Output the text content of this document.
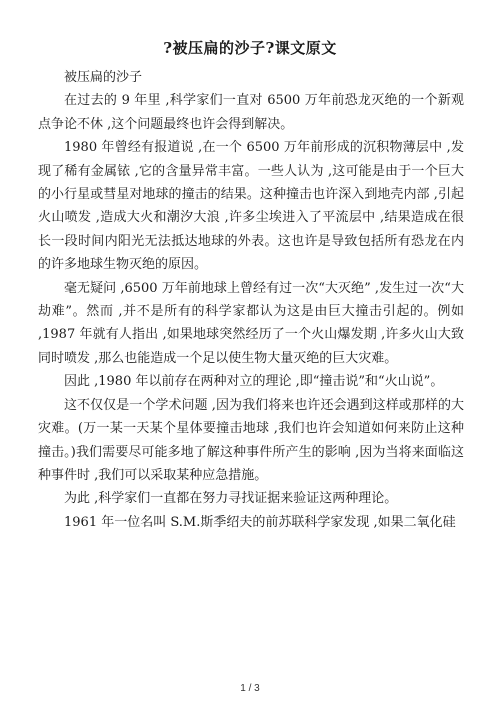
?被压扁的沙子?课文原文

被压扁的沙子

在过去的 9 年里 ,科学家们一直对 6500 万年前恐龙灭绝的一个新观点争论不休 ,这个问题最终也许会得到解决。

1980 年曾经有报道说 ,在一个 6500 万年前形成的沉积物薄层中 ,发现了稀有金属铱 ,它的含量异常丰富。一些人认为 ,这可能是由于一个巨大的小行星或彗星对地球的撞击的结果。这种撞击也许深入到地壳内部 ,引起火山喷发 ,造成大火和潮汐大浪 ,许多尘埃进入了平流层中 ,结果造成在很长一段时间内阳光无法抵达地球的外表。这也许是导致包括所有恐龙在内的许多地球生物灭绝的原因。

毫无疑问 ,6500 万年前地球上曾经有过一次“大灭绝” ,发生过一次“大劫难”。然而 ,并不是所有的科学家都认为这是由巨大撞击引起的。例如 ,1987 年就有人指出 ,如果地球突然经历了一个火山爆发期 ,许多火山大致同时喷发 ,那么也能造成一个足以使生物大量灭绝的巨大灾难。

因此 ,1980 年以前存在两种对立的理论 ,即“撞击说”和“火山说”。

这不仅仅是一个学术问题 ,因为我们将来也许还会遇到这样或那样的大灾难。(万一某一天某个星体要撞击地球 ,我们也许会知道如何来防止这种撞击。)我们需要尽可能多地了解这种事件所产生的影响 ,因为当将来面临这种事件时 ,我们可以采取某种应急措施。

为此 ,科学家们一直都在努力寻找证据来验证这两种理论。

1961 年一位名叫 S.M.斯季绍夫的前苏联科学家发现 ,如果二氧化硅

1 / 3
